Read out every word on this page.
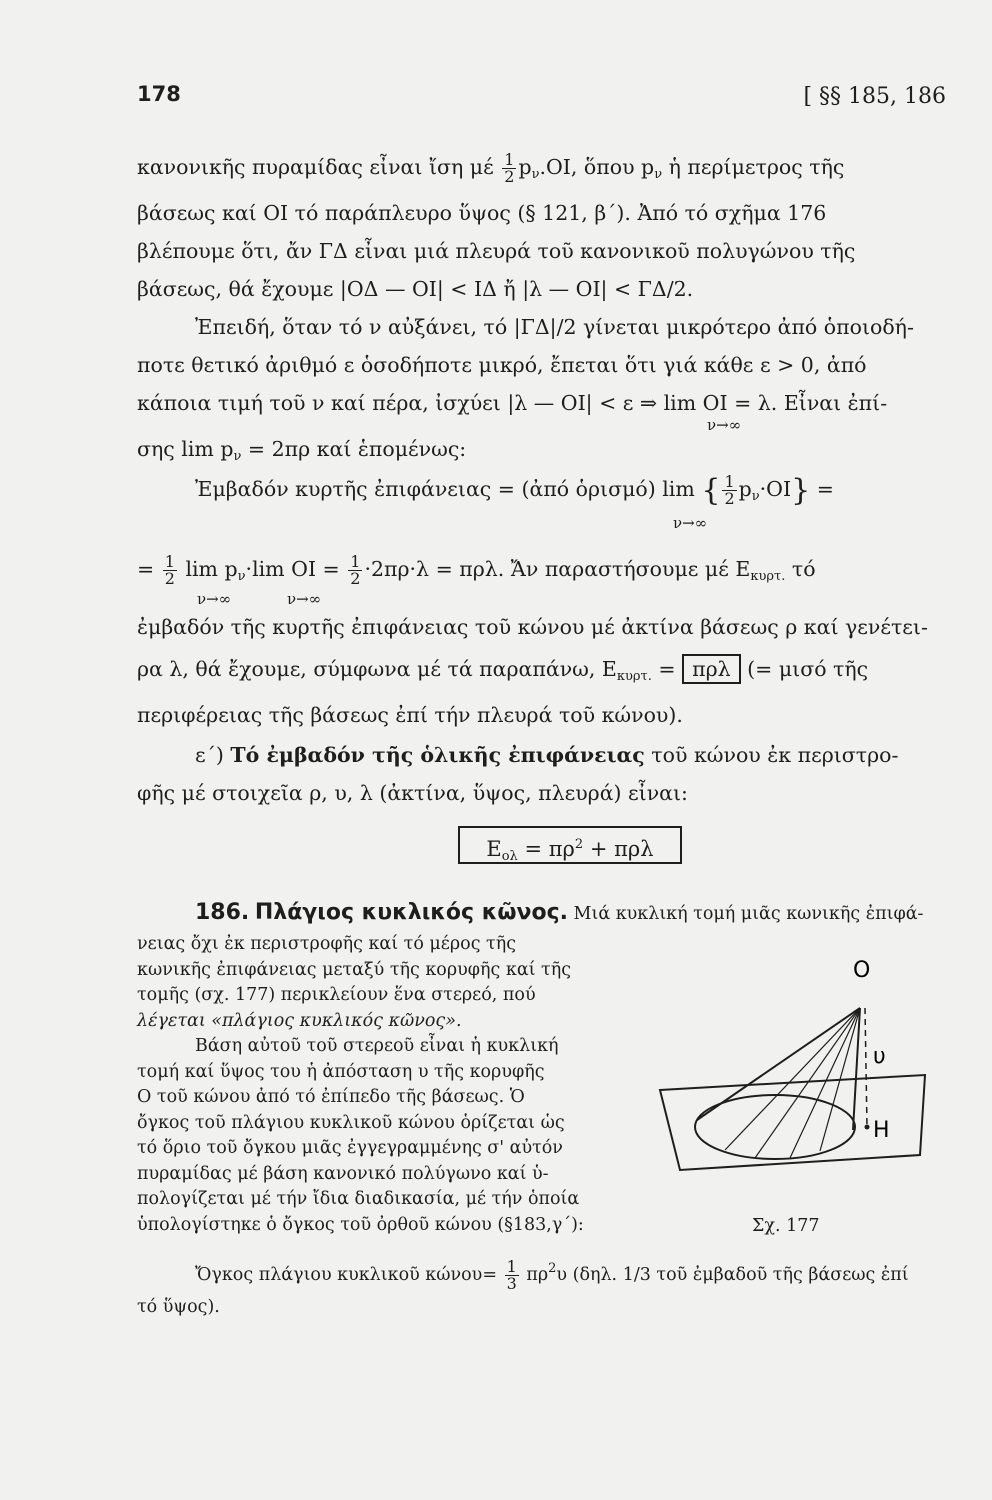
178	[ §§ 185, 186

κανονικῆς πυραμίδας εἶναι ἴση μέ $\frac{1}{2} p_\nu.OI$, ὅπου $p_\nu$ ἡ περίμετρος τῆς
βάσεως καί OI τό παράπλευρο ὕψος (§ 121, β΄). Ἀπό τό σχῆμα 176
βλέπουμε ὅτι, ἄν ΓΔ εἶναι μιά πλευρά τοῦ κανονικοῦ πολυγώνου τῆς
βάσεως, θά ἔχουμε |ΟΔ — OI| < ΙΔ ἤ |λ — OI| < ΓΔ/2.
Ἐπειδή, ὅταν τό ν αὐξάνει, τό |ΓΔ|/2 γίνεται μικρότερο ἀπό ὁποιοδή-
ποτε θετικό ἀριθμό ε ὁσοδήποτε μικρό, ἔπεται ὅτι γιά κάθε ε > 0, ἀπό
κάποια τιμή τοῦ ν καί πέρα, ἰσχύει |λ — OI| < ε ⇒ lim OI = λ. Εἶναι ἐπί-
ν→∞
σης $\lim p_\nu = 2\pi\rho$ καί ἑπομένως:
Ἐμβαδόν κυρτῆς ἐπιφάνειας = (ἀπό ὁρισμό) lim { $\frac{1}{2} p_\nu\cdot OI$} =
ν→∞
= $\frac{1}{2}$ $\lim p_\nu\cdot\lim$ OI = $\frac{1}{2} \cdot 2\pi\rho\cdot\lambda = \pi\rho\lambda$. Ἄν παραστήσουμε μέ $E_{\kappa\upsilon\rho\tau.}$ τό
ν→∞	ν→∞
ἐμβαδόν τῆς κυρτῆς ἐπιφάνειας τοῦ κώνου μέ ἀκτίνα βάσεως ρ καί γενέτει-
ρα λ, θά ἔχουμε, σύμφωνα μέ τά παραπάνω, $E_{\kappa\upsilon\rho\tau.} = \pi\rho\lambda$ (= μισό τῆς
περιφέρειας τῆς βάσεως ἐπί τήν πλευρά τοῦ κώνου).
ε΄) Τό ἐμβαδόν τῆς ὁλικῆς ἐπιφάνειας τοῦ κώνου ἐκ περιστρο-
φῆς μέ στοιχεῖα ρ, υ, λ (ἀκτίνα, ὕψος, πλευρά) εἶναι:
$E_{o\lambda} = \pi\rho^2 + \pi\rho\lambda$
186. Πλάγιος κυκλικός κῶνος. Μιά κυκλική τομή μιᾶς κωνικῆς ἐπιφά-
νειας ὄχι ἐκ περιστροφῆς καί τό μέρος τῆς
κωνικῆς ἐπιφάνειας μεταξύ τῆς κορυφῆς καί τῆς
τομῆς (σχ. 177) περικλείουν ἕνα στερεό, πού
λέγεται «πλάγιος κυκλικός κῶνος».
Βάση αὐτοῦ τοῦ στερεοῦ εἶναι ἡ κυκλική
τομή καί ὕψος του ἡ ἀπόσταση υ τῆς κορυφῆς
O τοῦ κώνου ἀπό τό ἐπίπεδο τῆς βάσεως. Ὁ
ὄγκος τοῦ πλάγιου κυκλικοῦ κώνου ὁρίζεται ὡς
τό ὅριο τοῦ ὄγκου μιᾶς ἐγγεγραμμένης σ' αὐτόν
πυραμίδας μέ βάση κανονικό πολύγωνο καί ὑ-
πολογίζεται μέ τήν ἴδια διαδικασία, μέ τήν ὁποία
ὑπολογίστηκε ὁ ὄγκος τοῦ ὀρθοῦ κώνου (§183,γ΄):
Ὄγκος πλάγιου κυκλικοῦ $\kappa ώ\nu o\upsilon= \frac{1}{3} \pi\rho^2\upsilon$ (δηλ. 1/3 τοῦ ἐμβαδοῦ τῆς βάσεως ἐπί
τό ὕψος).
O
υ
H
Σχ. 177
